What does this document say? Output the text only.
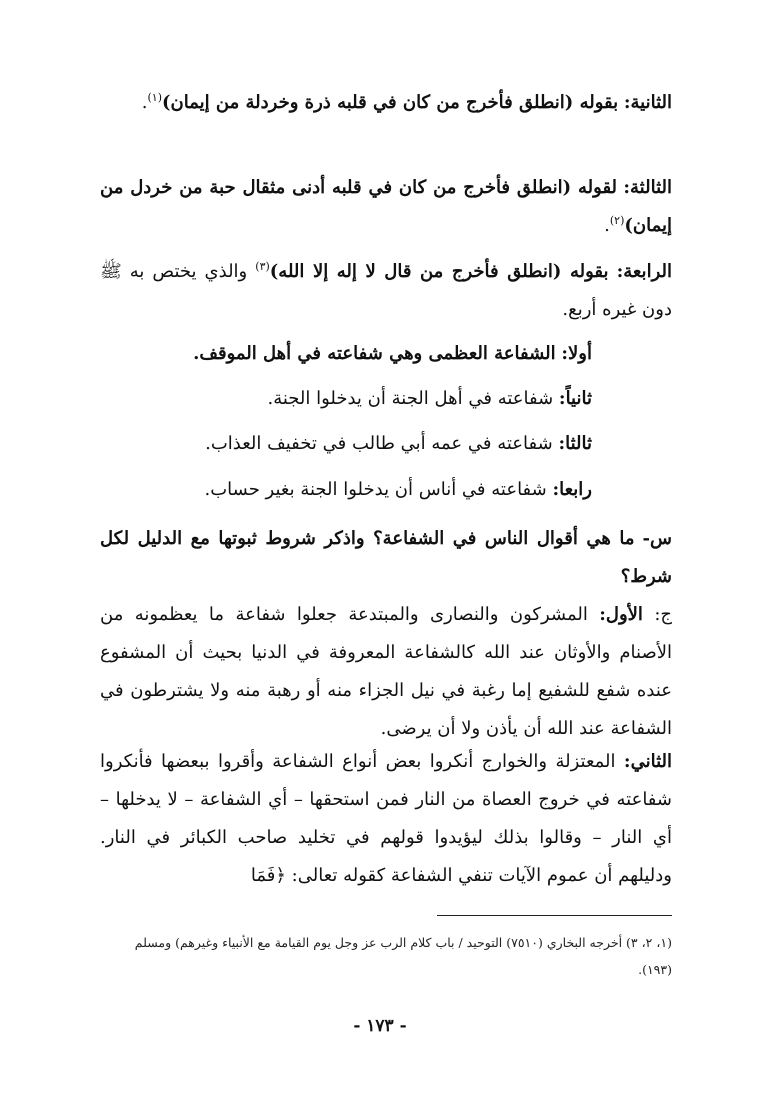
الثانية: بقوله (انطلق فأخرج من كان في قلبه ذرة وخردلة من إيمان)$^{(١)}$.

الثالثة: لقوله (انطلق فأخرج من كان في قلبه أدنى مثقال حبة من خردل من إيمان)$^{(٢)}$.

الرابعة: بقوله (انطلق فأخرج من قال لا إله إلا الله)$^{(٣)}$ والذي يختص به ﷺ دون غيره أربع.

أولا: الشفاعة العظمى وهي شفاعته في أهل الموقف.

ثانياً: شفاعته في أهل الجنة أن يدخلوا الجنة.

ثالثا: شفاعته في عمه أبي طالب في تخفيف العذاب.

رابعا: شفاعته في أناس أن يدخلوا الجنة بغير حساب.

س- ما هي أقوال الناس في الشفاعة؟ واذكر شروط ثبوتها مع الدليل لكل شرط؟

ج: الأول: المشركون والنصارى والمبتدعة جعلوا شفاعة ما يعظمونه من الأصنام والأوثان عند الله كالشفاعة المعروفة في الدنيا بحيث أن المشفوع عنده شفع للشفيع إما رغبة في نيل الجزاء منه أو رهبة منه ولا يشترطون في الشفاعة عند الله أن يأذن ولا أن يرضى.

الثاني: المعتزلة والخوارج أنكروا بعض أنواع الشفاعة وأقروا ببعضها فأنكروا شفاعته في خروج العصاة من النار فمن استحقها – أي الشفاعة – لا يدخلها – أي النار – وقالوا بذلك ليؤيدوا قولهم في تخليد صاحب الكبائر في النار. ودليلهم أن عموم الآيات تنفي الشفاعة كقوله تعالى: ﴿فَمَا

(١، ٢، ٣) أخرجه البخاري (٧٥١٠) التوحيد / باب كلام الرب عز وجل يوم القيامة مع الأنبياء وغيرهم) ومسلم (١٩٣).

- ١٧٣ -
